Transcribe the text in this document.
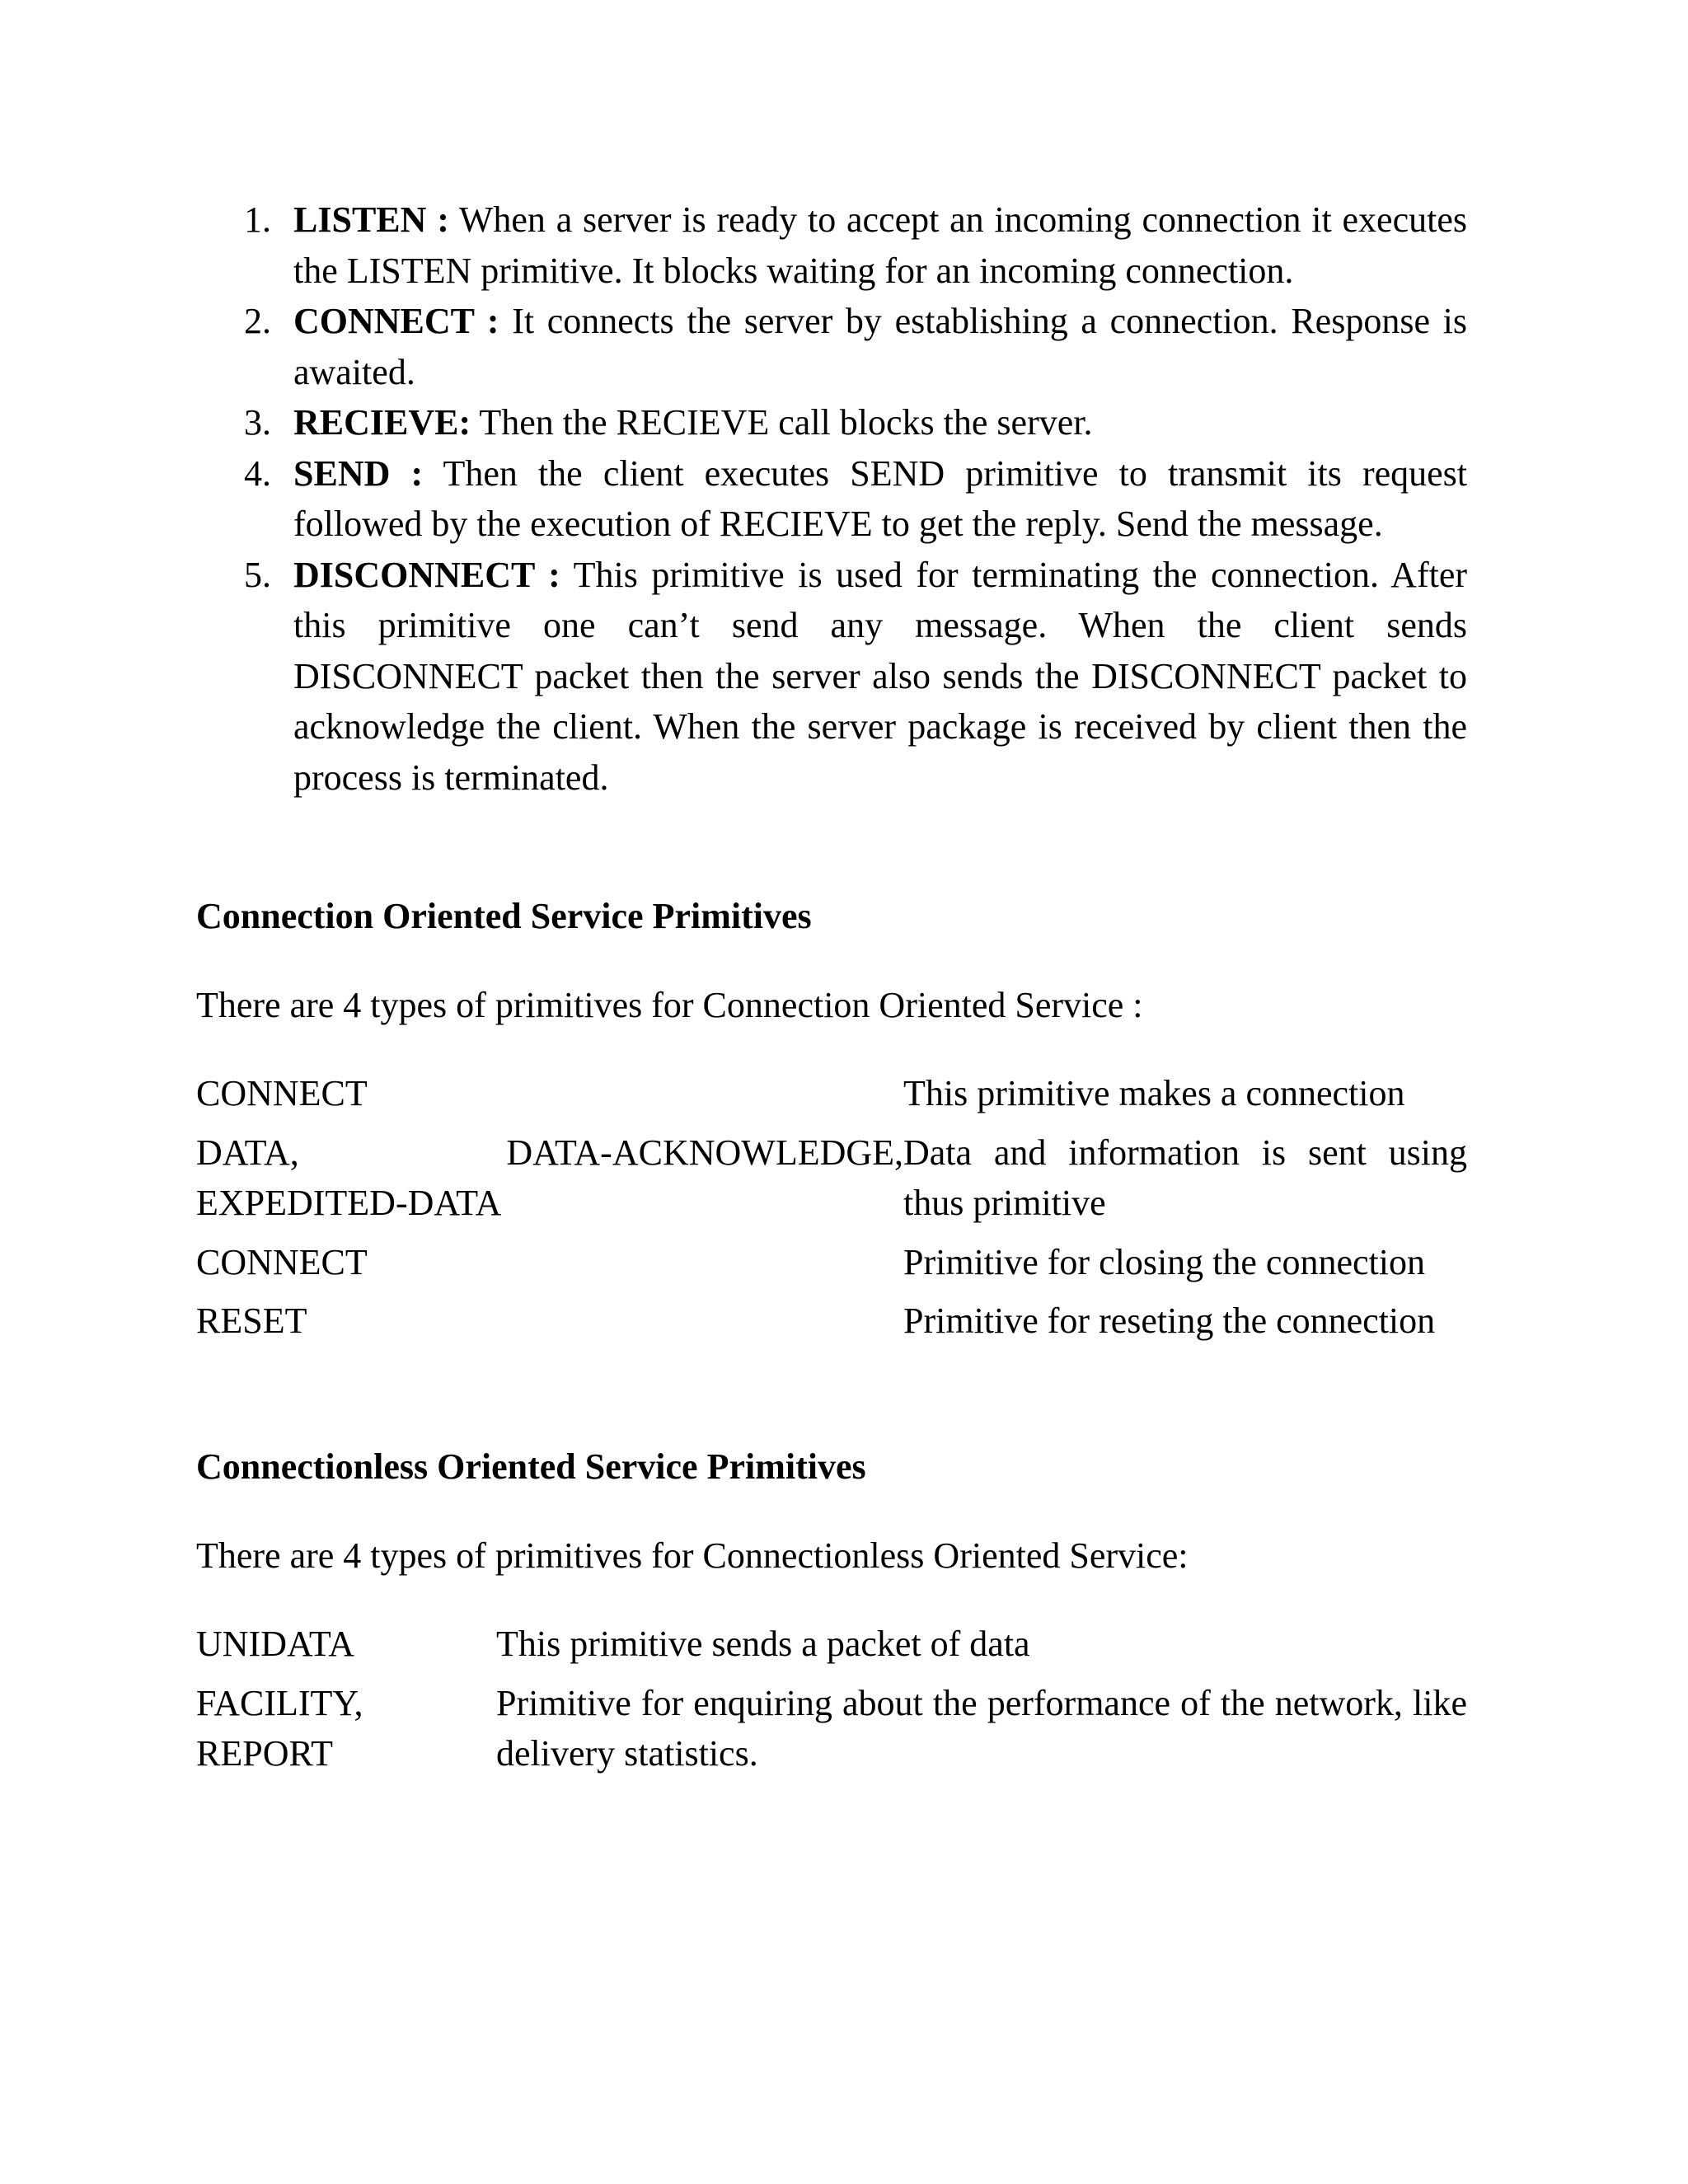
1. LISTEN : When a server is ready to accept an incoming connection it executes the LISTEN primitive. It blocks waiting for an incoming connection.
2. CONNECT : It connects the server by establishing a connection. Response is awaited.
3. RECIEVE: Then the RECIEVE call blocks the server.
4. SEND : Then the client executes SEND primitive to transmit its request followed by the execution of RECIEVE to get the reply. Send the message.
5. DISCONNECT : This primitive is used for terminating the connection. After this primitive one can’t send any message. When the client sends DISCONNECT packet then the server also sends the DISCONNECT packet to acknowledge the client. When the server package is received by client then the process is terminated.
Connection Oriented Service Primitives

There are 4 types of primitives for Connection Oriented Service :

CONNECT	This primitive makes a connection
DATA, DATA-ACKNOWLEDGE, EXPEDITED-DATA	Data and information is sent using thus primitive
CONNECT	Primitive for closing the connection
RESET	Primitive for reseting the connection
Connectionless Oriented Service Primitives

There are 4 types of primitives for Connectionless Oriented Service:

UNIDATA	This primitive sends a packet of data
FACILITY, REPORT	Primitive for enquiring about the performance of the network, like delivery statistics.
